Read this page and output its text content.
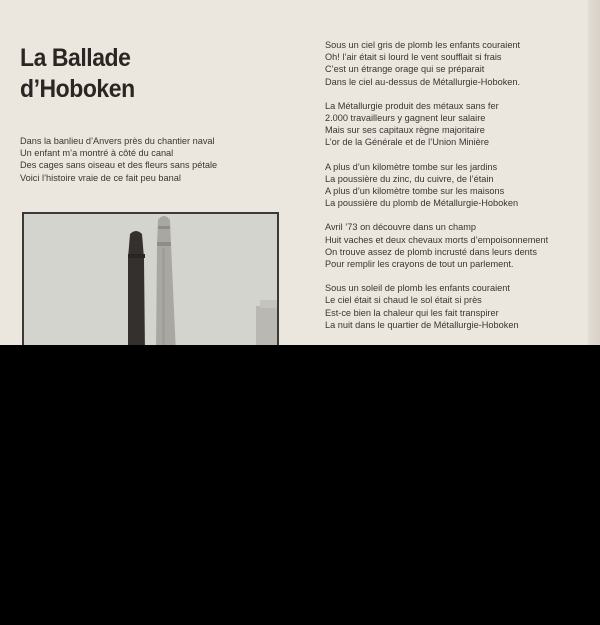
La Ballade
d’Hoboken
Dans la banlieu d’Anvers près du chantier naval
Un enfant m’a montré à côté du canal
Des cages sans oiseau et des fleurs sans pétale
Voici l’histoire vraie de ce fait peu banal
Sous un ciel gris de plomb les enfants couraient
Oh! l’air était si lourd le vent soufflait si frais
C’est un étrange orage qui se préparait
Dans le ciel au-dessus de Métallurgie-Hoboken.
La Métallurgie produit des métaux sans fer
2.000 travailleurs y gagnent leur salaire
Mais sur ses capitaux règne majoritaire
L’or de la Générale et de l’Union Minière
A plus d’un kilomètre tombe sur les jardins
La poussière du zinc, du cuivre, de l’étain
A plus d’un kilomètre tombe sur les maisons
La poussière du plomb de Métallurgie-Hoboken
Avril ’73 on découvre dans un champ
Huit vaches et deux chevaux morts d’empoisonnement
On trouve assez de plomb incrusté dans leurs dents
Pour remplir les crayons de tout un parlement.
Sous un soleil de plomb les enfants couraient
Le ciel était si chaud le sol était si près
Est-ce bien la chaleur qui les fait transpirer
La nuit dans le quartier de Métallurgie-Hoboken
